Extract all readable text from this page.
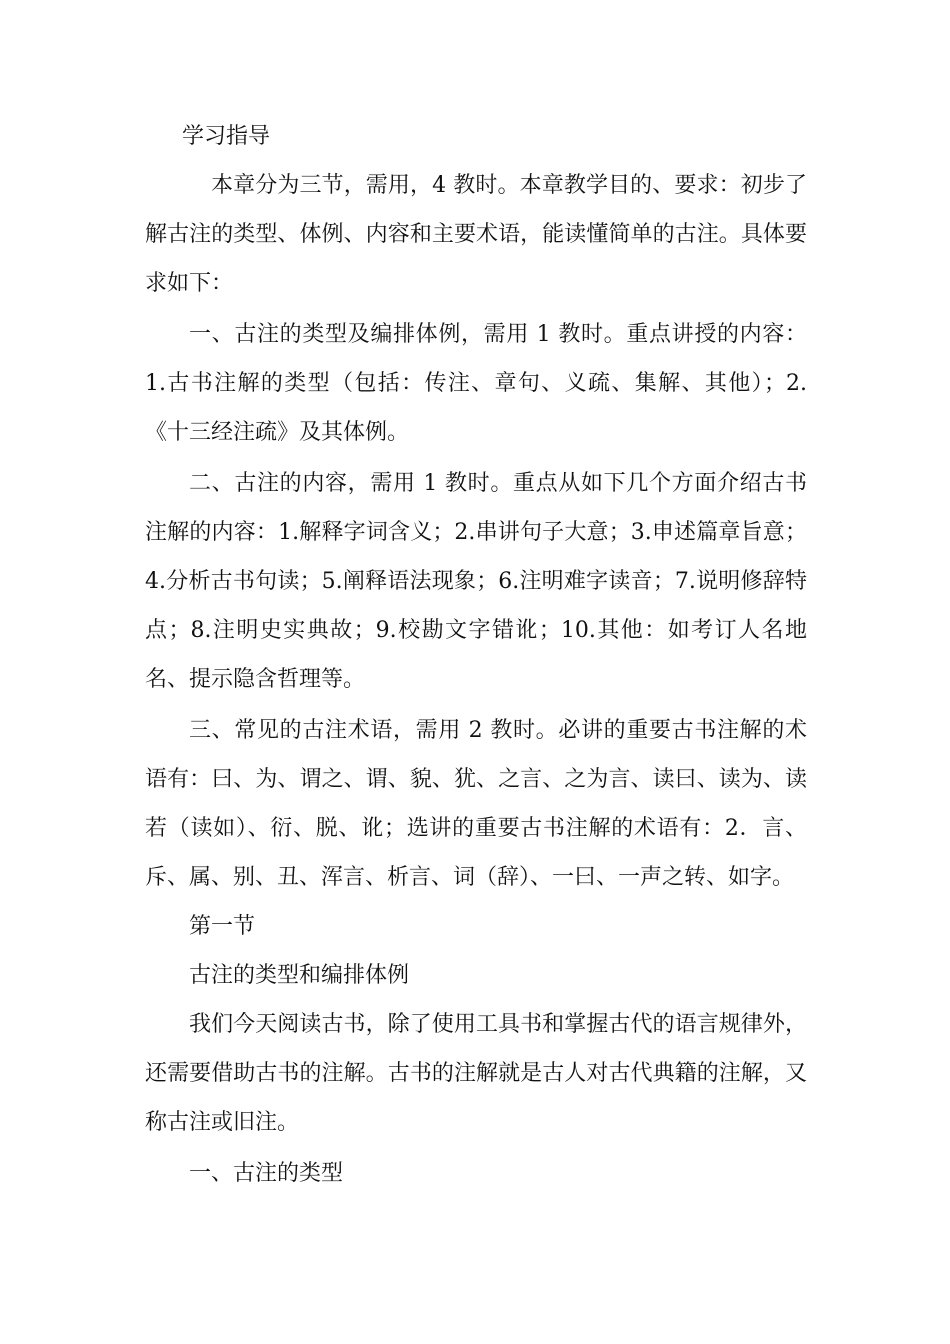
学习指导

本章分为三节，需用，4 教时。本章教学目的、要求：初步了解古注的类型、体例、内容和主要术语，能读懂简单的古注。具体要求如下：

一、古注的类型及编排体例，需用 1 教时。重点讲授的内容： 1.古书注解的类型（包括：传注、章句、义疏、集解、其他）；2.《十三经注疏》及其体例。

二、古注的内容，需用 1 教时。重点从如下几个方面介绍古书注解的内容：1.解释字词含义；2.串讲句子大意；3.申述篇章旨意；4.分析古书句读；5.阐释语法现象；6.注明难字读音；7.说明修辞特点；8.注明史实典故；9.校勘文字错讹；10.其他：如考订人名地名、提示隐含哲理等。

三、常见的古注术语，需用 2 教时。必讲的重要古书注解的术语有：曰、为、谓之、谓、貌、犹、之言、之为言、读曰、读为、读若（读如）、衍、脱、讹；选讲的重要古书注解的术语有：2．言、斥、属、别、丑、浑言、析言、词（辞）、一曰、一声之转、如字。

第一节

古注的类型和编排体例

我们今天阅读古书，除了使用工具书和掌握古代的语言规律外，还需要借助古书的注解。古书的注解就是古人对古代典籍的注解，又称古注或旧注。

一、古注的类型
